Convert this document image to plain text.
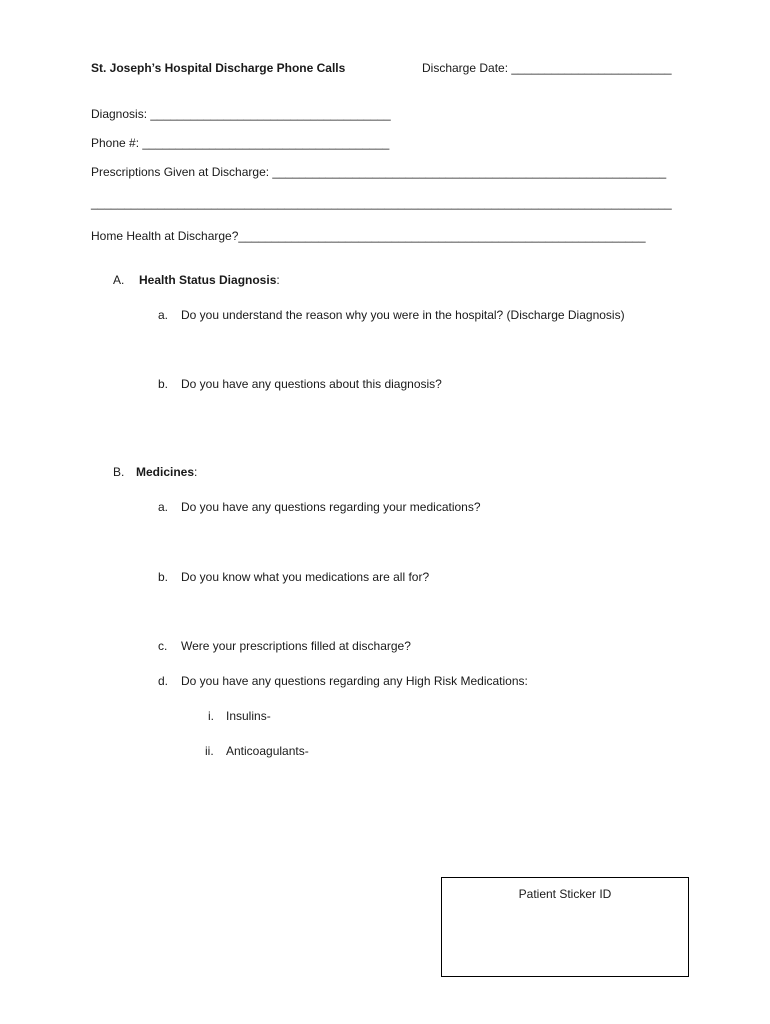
St. Joseph’s Hospital Discharge Phone Calls	Discharge Date: ________________________
Diagnosis: ____________________________________
Phone #: _____________________________________
Prescriptions Given at Discharge: ___________________________________________________________
_______________________________________________________________________________________
Home Health at Discharge?_____________________________________________________________
A. Health Status Diagnosis:
a. Do you understand the reason why you were in the hospital? (Discharge Diagnosis)
b. Do you have any questions about this diagnosis?
B. Medicines:
a. Do you have any questions regarding your medications?
b. Do you know what you medications are all for?
c. Were your prescriptions filled at discharge?
d. Do you have any questions regarding any High Risk Medications:
i. Insulins-
ii. Anticoagulants-
Patient Sticker ID
